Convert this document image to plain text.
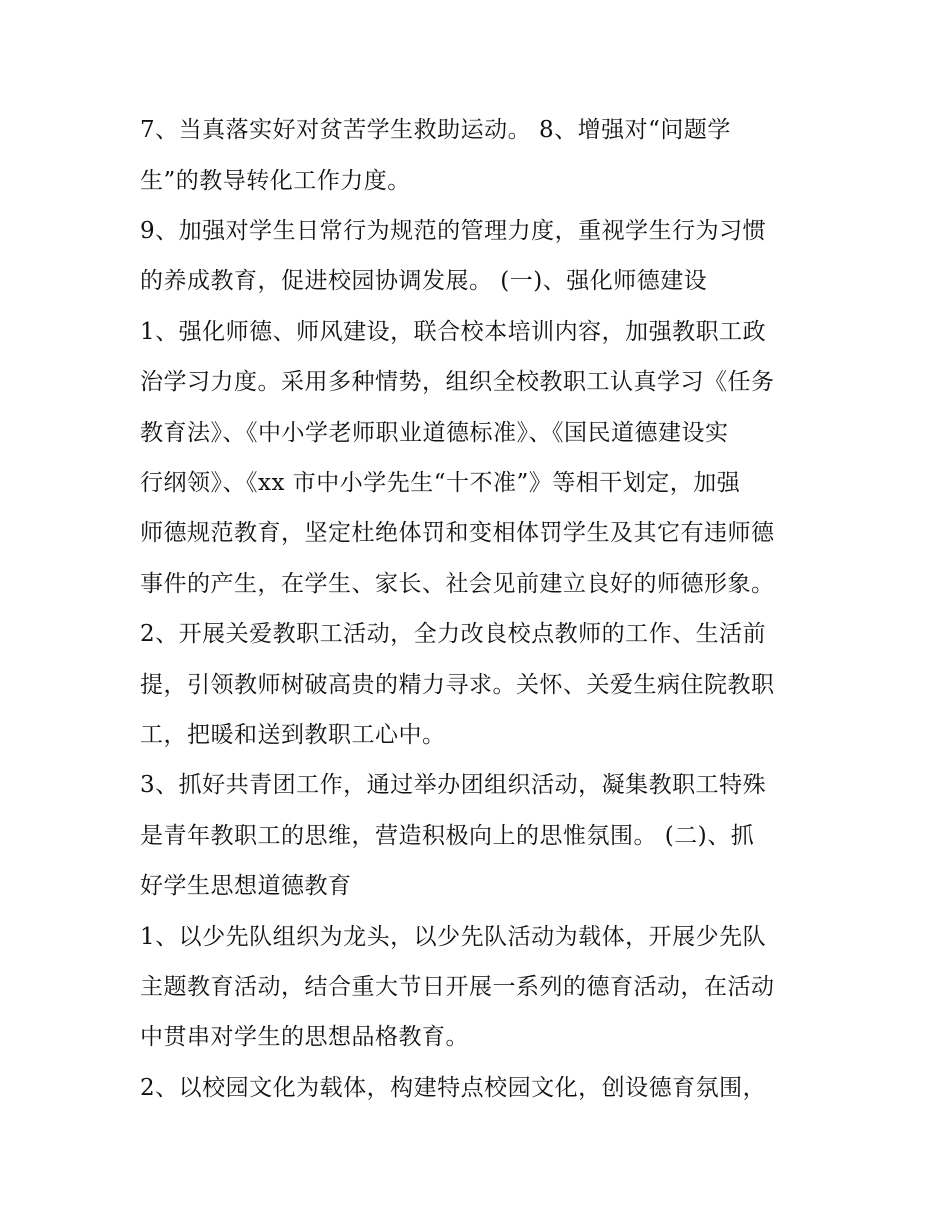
7、当真落实好对贫苦学生救助运动。 8、增强对“问题学
生”的教导转化工作力度。
9、加强对学生日常行为规范的管理力度，重视学生行为习惯
的养成教育，促进校园协调发展。 (一)、强化师德建设
1、强化师德、师风建设，联合校本培训内容，加强教职工政
治学习力度。采用多种情势，组织全校教职工认真学习《任务
教育法》、《中小学老师职业道德标准》、《国民道德建设实
行纲领》、《xx 市中小学先生“十不准”》等相干划定，加强
师德规范教育，坚定杜绝体罚和变相体罚学生及其它有违师德
事件的产生，在学生、家长、社会见前建立良好的师德形象。
2、开展关爱教职工活动，全力改良校点教师的工作、生活前
提，引领教师树破高贵的精力寻求。关怀、关爱生病住院教职
工，把暖和送到教职工心中。
3、抓好共青团工作，通过举办团组织活动，凝集教职工特殊
是青年教职工的思维，营造积极向上的思惟氛围。 (二)、抓
好学生思想道德教育
1、以少先队组织为龙头，以少先队活动为载体，开展少先队
主题教育活动，结合重大节日开展一系列的德育活动，在活动
中贯串对学生的思想品格教育。
2、以校园文化为载体，构建特点校园文化，创设德育氛围，
